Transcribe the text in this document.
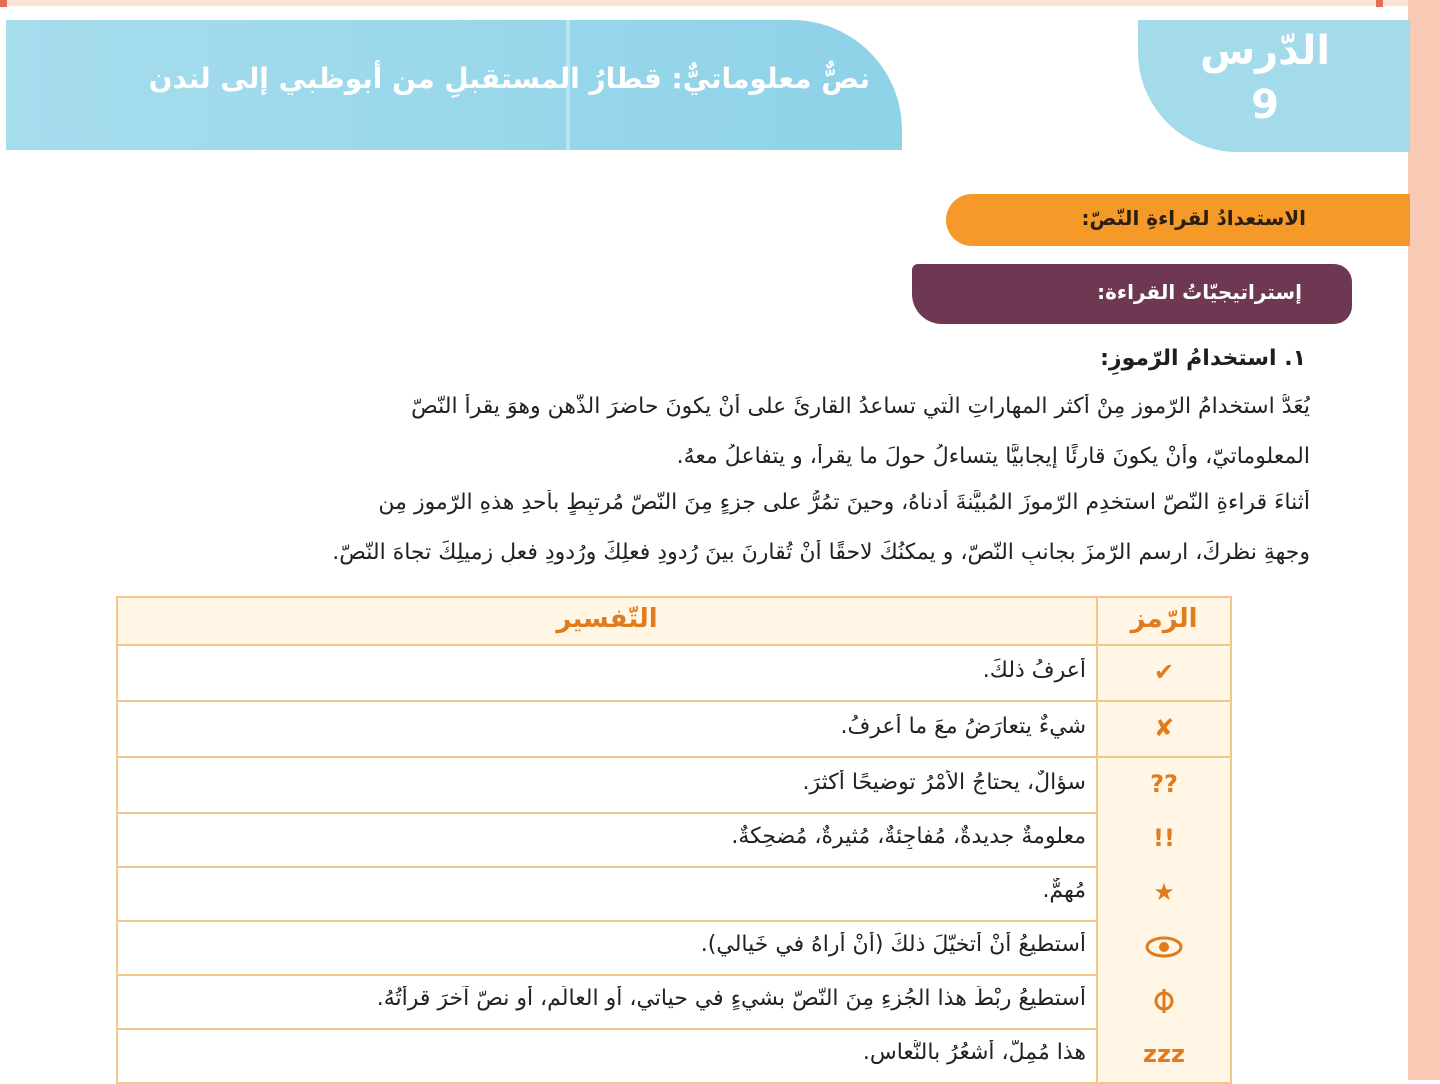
نصٌّ معلوماتيٌّ: قطارُ المستقبلِ من أبوظبي إلى لندن
الدّرس
9
الاستعدادُ لقراءةِ النّصّ:
إستراتيجيّاتُ القراءة:
١. استخدامُ الرّموزِ:
يُعَدُّ استخدامُ الرّموزِ مِنْ أكثرِ المهاراتِ الّتي تساعدُ القارئَ على أنْ يكونَ حاضرَ الذّهنِ وهوَ يقرأُ النّصّ
المعلوماتيّ، وأنْ يكونَ قارئًا إيجابيًّا يتساءلُ حولَ ما يقرأُ، و يتفاعلُ معهُ.
أثناءَ قراءةِ النّصّ استخدِمِ الرّموزَ المُبيَّنةَ أدناهُ، وحينَ تمُرُّ على جزءٍ مِنَ النّصّ مُرتبِطٍ بأحدِ هذهِ الرّموزِ مِن
وجهةِ نظرِكَ، ارسمِ الرّمزَ بجانبِ النّصّ، و يمكنُكَ لاحقًا أنْ تُقارنَ بينَ رُدودِ فعلِكَ ورُدودِ فعلِ زميلِكَ تجاهَ النّصّ.
الرّمز
التّفسير
✔
أعرِفُ ذلكَ.
✘
شيءٌ يتعارَضُ معَ ما أعرِفُ.
??
سؤالٌ، يحتاجُ الأمْرُ توضيحًا أكثرَ.
!!
معلومةٌ جديدةٌ، مُفاجِئةٌ، مُثيرةٌ، مُضحِكةٌ.
★
مُهِمٌّ.
أستطيعُ أنْ أتخيّلَ ذلكَ (أنْ أراهُ في خَيالي).
أستطيعُ ربْطَ هذا الجُزءِ مِنَ النّصّ بشيءٍ في حياتي، أوِ العالَمِ، أو نصّ آخرَ قرأتُهُ.
zzz
هذا مُمِلٌّ، أشعُرُ بالنُّعاسِ.
